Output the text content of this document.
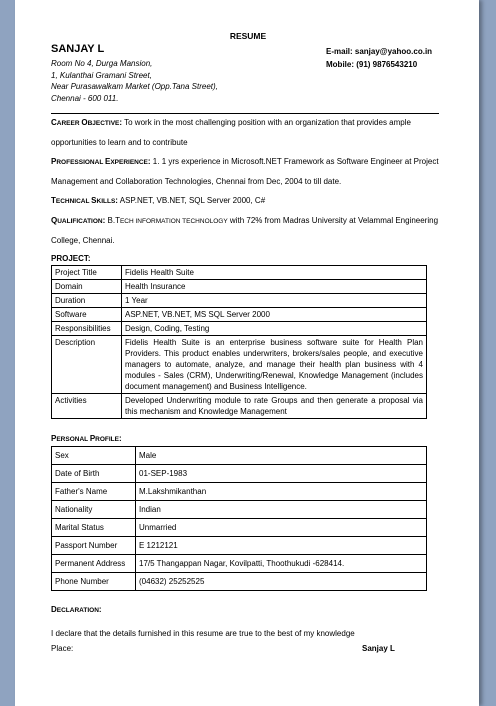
RESUME
SANJAY L
Room No 4, Durga Mansion,
1, Kulanthai Gramani Street,
Near Purasawalkam Market (Opp.Tana Street),
Chennai - 600 011.
E-mail: sanjay@yahoo.co.in
Mobile: (91) 9876543210

CAREER OBJECTIVE: To work in the most challenging position with an organization that provides ample opportunities to learn and to contribute

PROFESSIONAL EXPERIENCE: 1. 1 yrs experience in Microsoft.NET Framework as Software Engineer at Project Management and Collaboration Technologies, Chennai from Dec, 2004 to till date.

TECHNICAL SKILLS: ASP.NET, VB.NET, SQL Server 2000, C#

QUALIFICATION: B.TECH INFORMATION TECHNOLOGY with 72% from Madras University at Velammal Engineering College, Chennai.

PROJECT:
Project Title	Fidelis Health Suite
Domain	Health Insurance
Duration	1 Year
Software	ASP.NET, VB.NET, MS SQL Server 2000
Responsibilities	Design, Coding, Testing
Description	Fidelis Health Suite is an enterprise business software suite for Health Plan Providers. This product enables underwriters, brokers/sales people, and executive managers to automate, analyze, and manage their health plan business with 4 modules - Sales (CRM), Underwriting/Renewal, Knowledge Management (includes document management) and Business Intelligence.
Activities	Developed Underwriting module to rate Groups and then generate a proposal via this mechanism and Knowledge Management
PERSONAL PROFILE:
Sex	Male
Date of Birth	01-SEP-1983
Father's Name	M.Lakshmikanthan
Nationality	Indian
Marital Status	Unmarried
Passport Number	E 1212121
Permanent Address	17/5 Thangappan Nagar, Kovilpatti, Thoothukudi -628414.
Phone Number	(04632) 25252525
DECLARATION:
I declare that the details furnished in this resume are true to the best of my knowledge
Place:	Sanjay L
